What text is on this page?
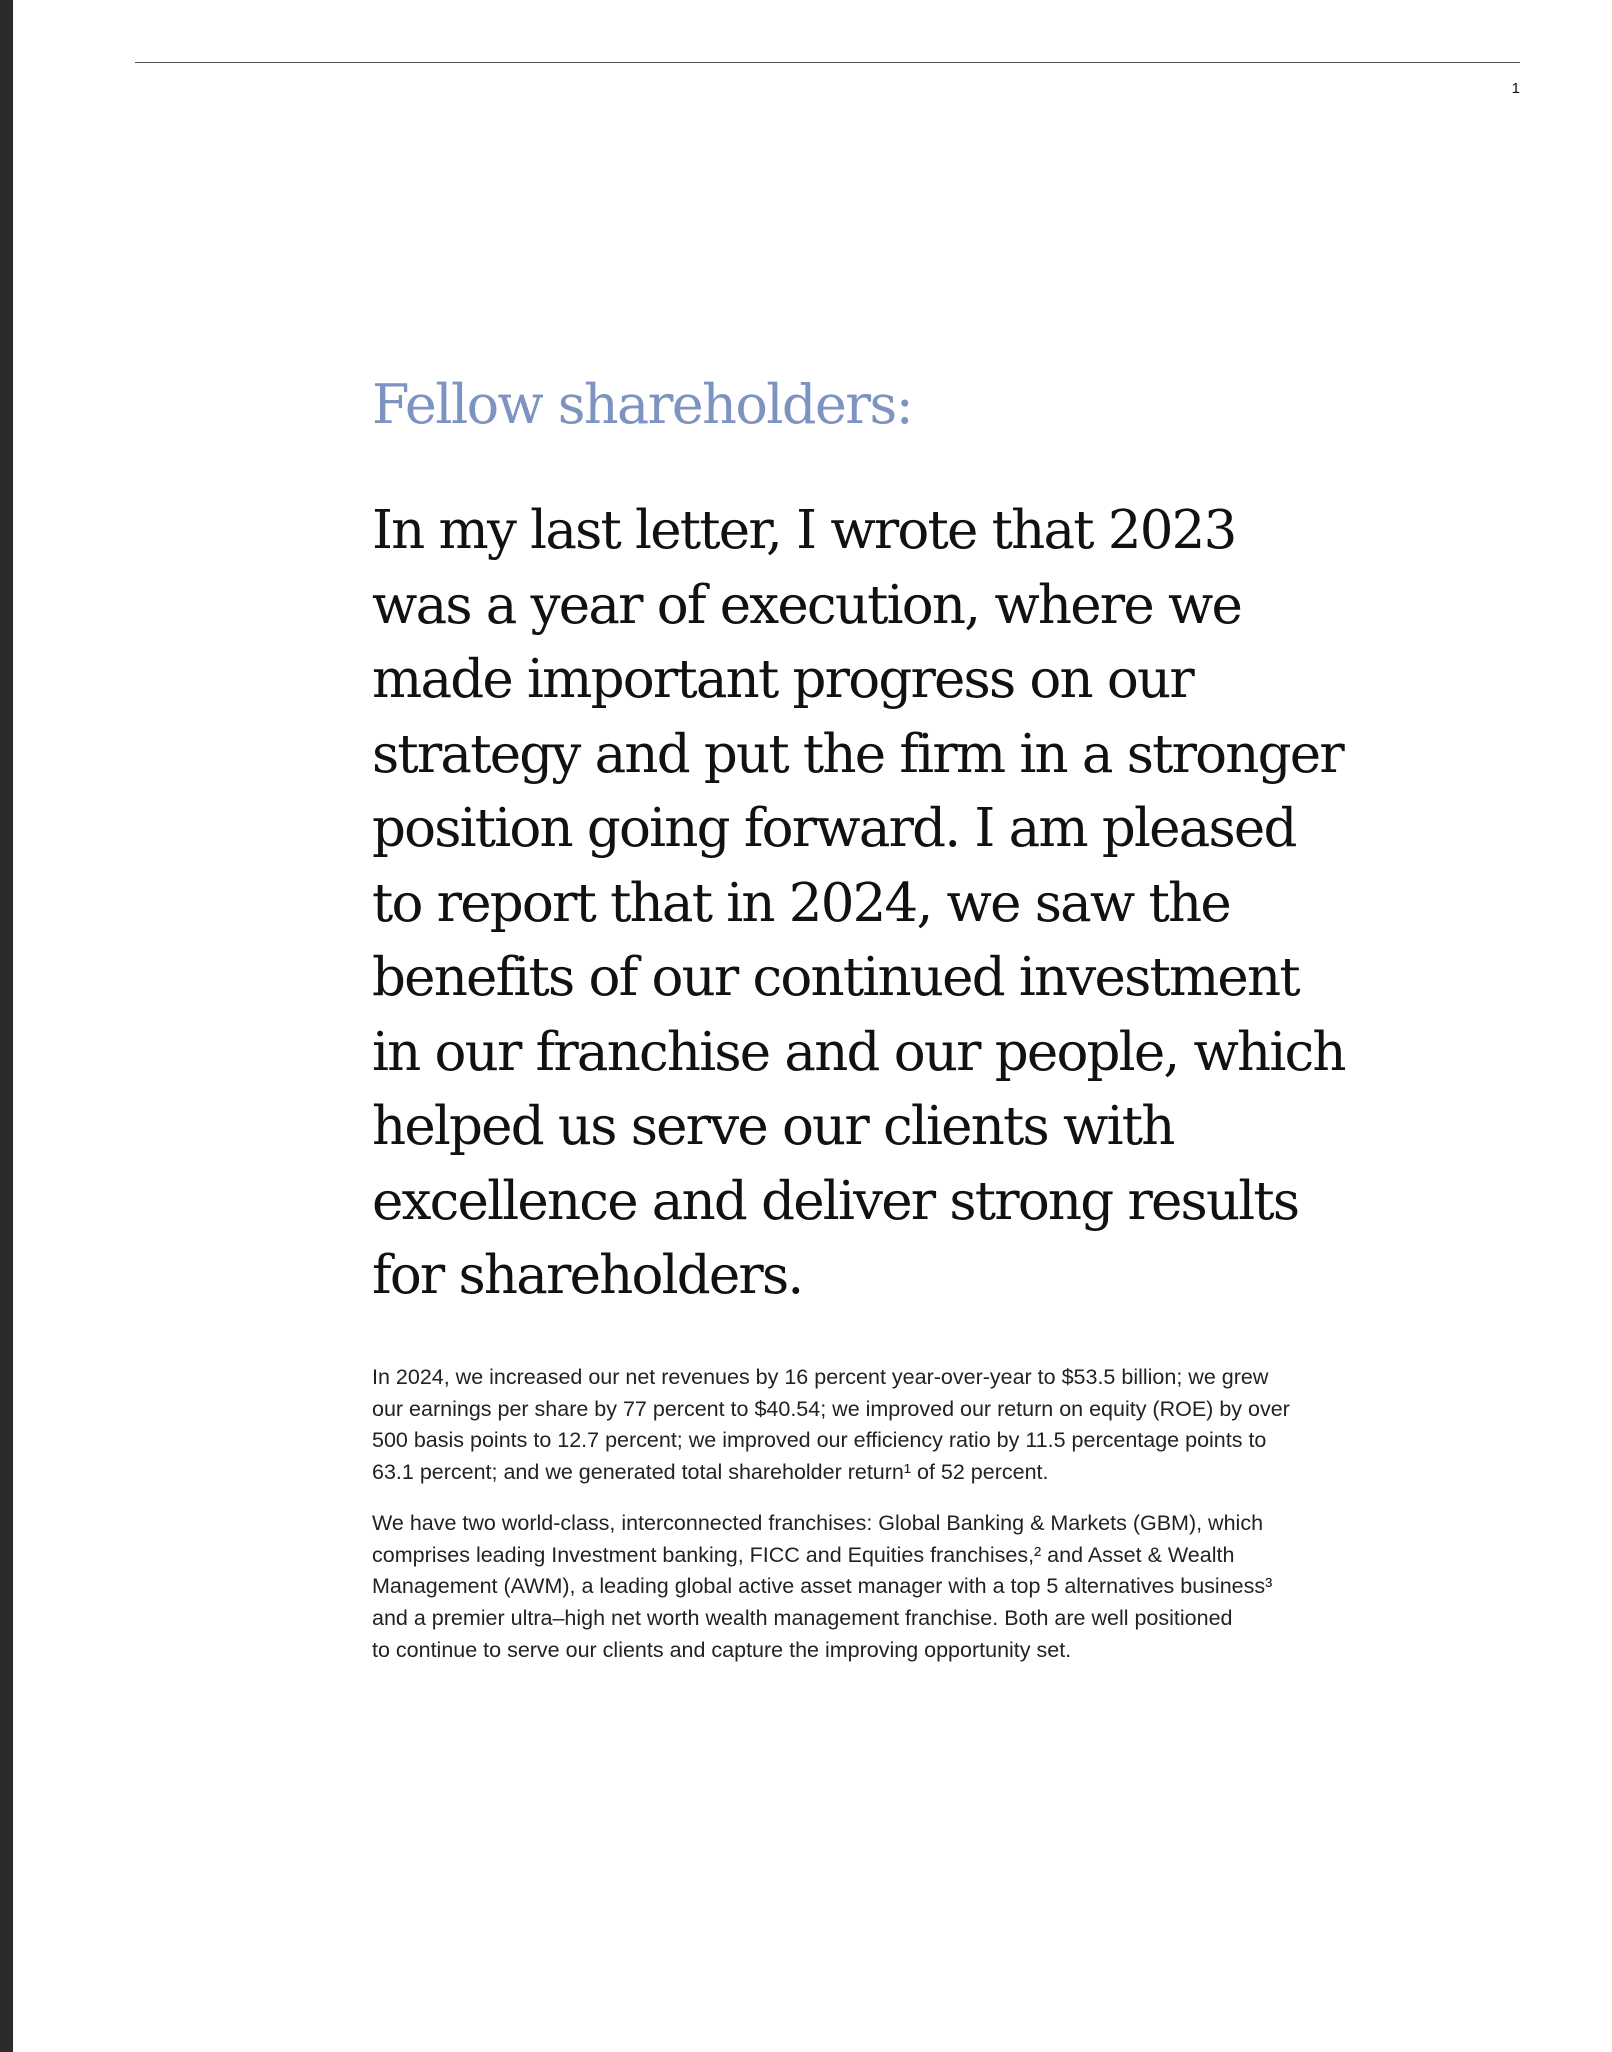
1
Fellow shareholders:
In my last letter, I wrote that 2023
was a year of execution, where we
made important progress on our
strategy and put the firm in a stronger
position going forward. I am pleased
to report that in 2024, we saw the
benefits of our continued investment
in our franchise and our people, which
helped us serve our clients with
excellence and deliver strong results
for shareholders.
In 2024, we increased our net revenues by 16 percent year-over-year to $53.5 billion; we grew
our earnings per share by 77 percent to $40.54; we improved our return on equity (ROE) by over
500 basis points to 12.7 percent; we improved our efficiency ratio by 11.5 percentage points to
63.1 percent; and we generated total shareholder return¹ of 52 percent.
We have two world-class, interconnected franchises: Global Banking & Markets (GBM), which
comprises leading Investment banking, FICC and Equities franchises,² and Asset & Wealth
Management (AWM), a leading global active asset manager with a top 5 alternatives business³
and a premier ultra–high net worth wealth management franchise. Both are well positioned
to continue to serve our clients and capture the improving opportunity set.
